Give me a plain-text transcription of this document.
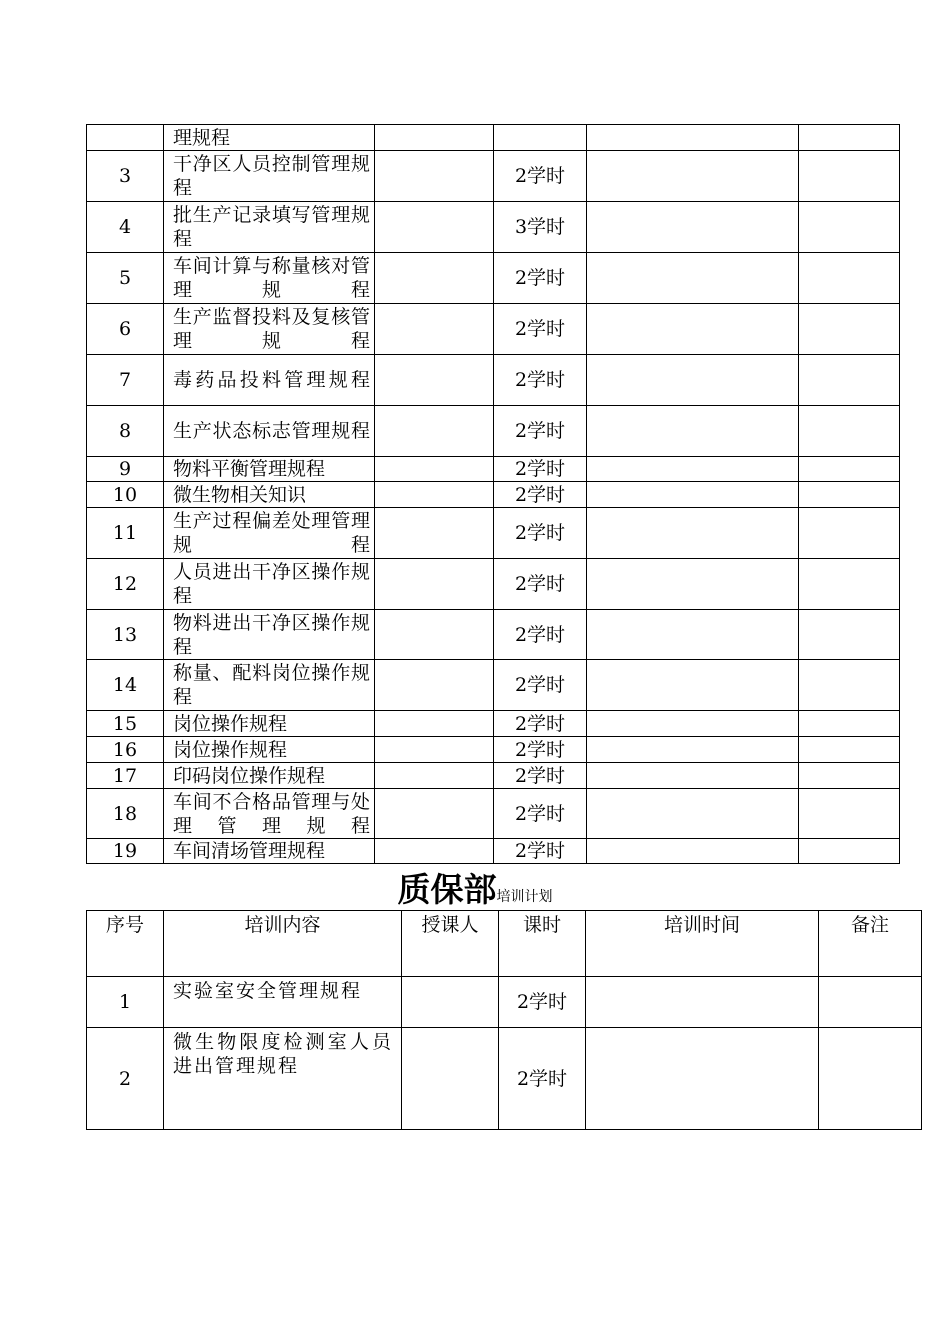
	理规程				
3	干净区人员控制管理规程		2学时		
4	批生产记录填写管理规程		3学时		
5	车间计算与称量核对管理规程		2学时		
6	生产监督投料及复核管理规程		2学时		
7	毒药品投料管理规程		2学时		
8	生产状态标志管理规程		2学时		
9	物料平衡管理规程		2学时		
10	微生物相关知识		2学时		
11	生产过程偏差处理管理规程		2学时		
12	人员进出干净区操作规程		2学时		
13	物料进出干净区操作规程		2学时		
14	称量、配料岗位操作规程		2学时		
15	岗位操作规程		2学时		
16	岗位操作规程		2学时		
17	印码岗位操作规程		2学时		
18	车间不合格品管理与处理管理规程		2学时		
19	车间清场管理规程		2学时		
质保部培训计划
序号	培训内容	授课人	课时	培训时间	备注
1	实验室安全管理规程		2学时		
2	微生物限度检测室人员进出管理规程		2学时		
